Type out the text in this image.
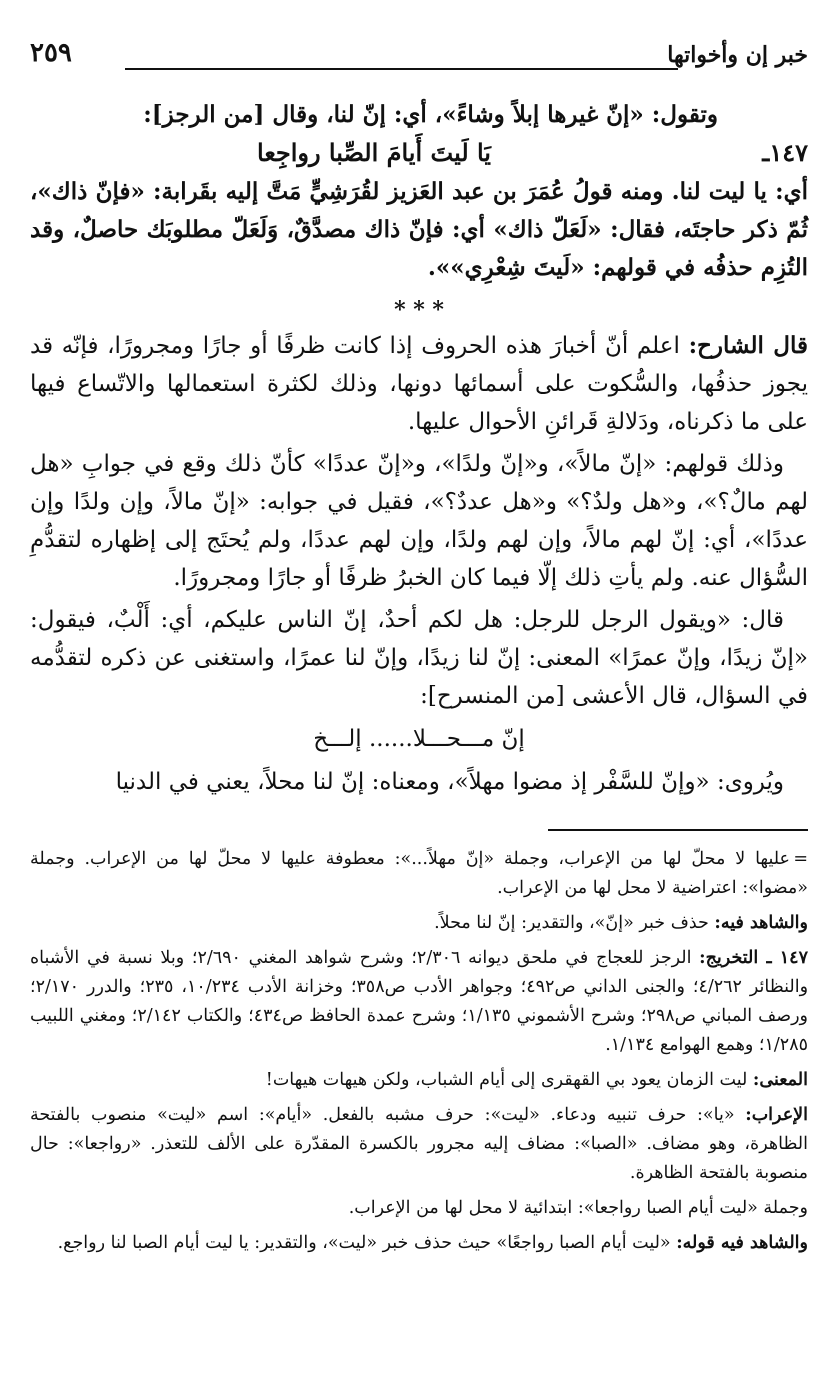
خبر إن وأخواتها
٢٥٩

وتقول: «إنّ غيرها إبلاً وشاءً»، أي: إنّ لنا، وقال [من الرجز]:

١٤٧ـ
يَا لَيتَ أَيامَ الصِّبا رواجِعا

أي: يا ليت لنا. ومنه قولُ عُمَرَ بن عبد العَزيز لقُرَشِيٍّ مَتَّ إليه بقَرابة: «فإنّ ذاك»، ثُمّ ذكر حاجتَه، فقال: «لَعَلّ ذاك» أي: فإنّ ذاك مصدَّقٌ، وَلَعَلّ مطلوبَك حاصلٌ، وقد التُزِم حذفُه في قولهم: «لَيتَ شِعْرِي»».

* * *

قال الشارح: اعلم أنّ أخبارَ هذه الحروف إذا كانت ظرفًا أو جارًا ومجرورًا، فإنّه قد يجوز حذفُها، والسُّكوت على أسمائها دونها، وذلك لكثرة استعمالها والاتّساع فيها على ما ذكرناه، ودَلالةِ قَرائنِ الأحوال عليها.

وذلك قولهم: «إنّ مالاً»، و«إنّ ولدًا»، و«إنّ عددًا» كأنّ ذلك وقع في جوابِ «هل لهم مالٌ؟»، و«هل ولدٌ؟» و«هل عددٌ؟»، فقيل في جوابه: «إنّ مالاً، وإن ولدًا وإن عددًا»، أي: إنّ لهم مالاً، وإن لهم ولدًا، وإن لهم عددًا، ولم يُحتَج إلى إظهاره لتقدُّمِ السُّؤال عنه. ولم يأتِ ذلك إلّا فيما كان الخبرُ ظرفًا أو جارًا ومجرورًا.

قال: «ويقول الرجل للرجل: هل لكم أحدٌ، إنّ الناس عليكم، أي: أَلْبٌ، فيقول: «إنّ زيدًا، وإنّ عمرًا» المعنى: إنّ لنا زيدًا، وإنّ لنا عمرًا، واستغنى عن ذكره لتقدُّمه في السؤال، قال الأعشى [من المنسرح]:

إنّ مـــحـــلا...... إلـــخ

ويُروى: «وإنّ للسَّفْر إذ مضوا مهلاً»، ومعناه: إنّ لنا محلاً، يعني في الدنيا

=عليها لا محلّ لها من الإعراب، وجملة «إنّ مهلاً...»: معطوفة عليها لا محلّ لها من الإعراب. وجملة «مضوا»: اعتراضية لا محل لها من الإعراب.

والشاهد فيه: حذف خبر «إنّ»، والتقدير: إنّ لنا محلاً.

١٤٧ ـ التخريج: الرجز للعجاج في ملحق ديوانه ٢/٣٠٦؛ وشرح شواهد المغني ٢/٦٩٠؛ وبلا نسبة في الأشباه والنظائر ٤/٢٦٢؛ والجنى الداني ص٤٩٢؛ وجواهر الأدب ص٣٥٨؛ وخزانة الأدب ١٠/٢٣٤، ٢٣٥؛ والدرر ٢/١٧٠؛ ورصف المباني ص٢٩٨؛ وشرح الأشموني ١/١٣٥؛ وشرح عمدة الحافظ ص٤٣٤؛ والكتاب ٢/١٤٢؛ ومغني اللبيب ١/٢٨٥؛ وهمع الهوامع ١/١٣٤.

المعنى: ليت الزمان يعود بي القهقرى إلى أيام الشباب، ولكن هيهات هيهات!

الإعراب: «يا»: حرف تنبيه ودعاء. «ليت»: حرف مشبه بالفعل. «أيام»: اسم «ليت» منصوب بالفتحة الظاهرة، وهو مضاف. «الصبا»: مضاف إليه مجرور بالكسرة المقدّرة على الألف للتعذر. «رواجعا»: حال منصوبة بالفتحة الظاهرة.

وجملة «ليت أيام الصبا رواجعا»: ابتدائية لا محل لها من الإعراب.

والشاهد فيه قوله: «ليت أيام الصبا رواجعًا» حيث حذف خبر «ليت»، والتقدير: يا ليت أيام الصبا لنا رواجع.
